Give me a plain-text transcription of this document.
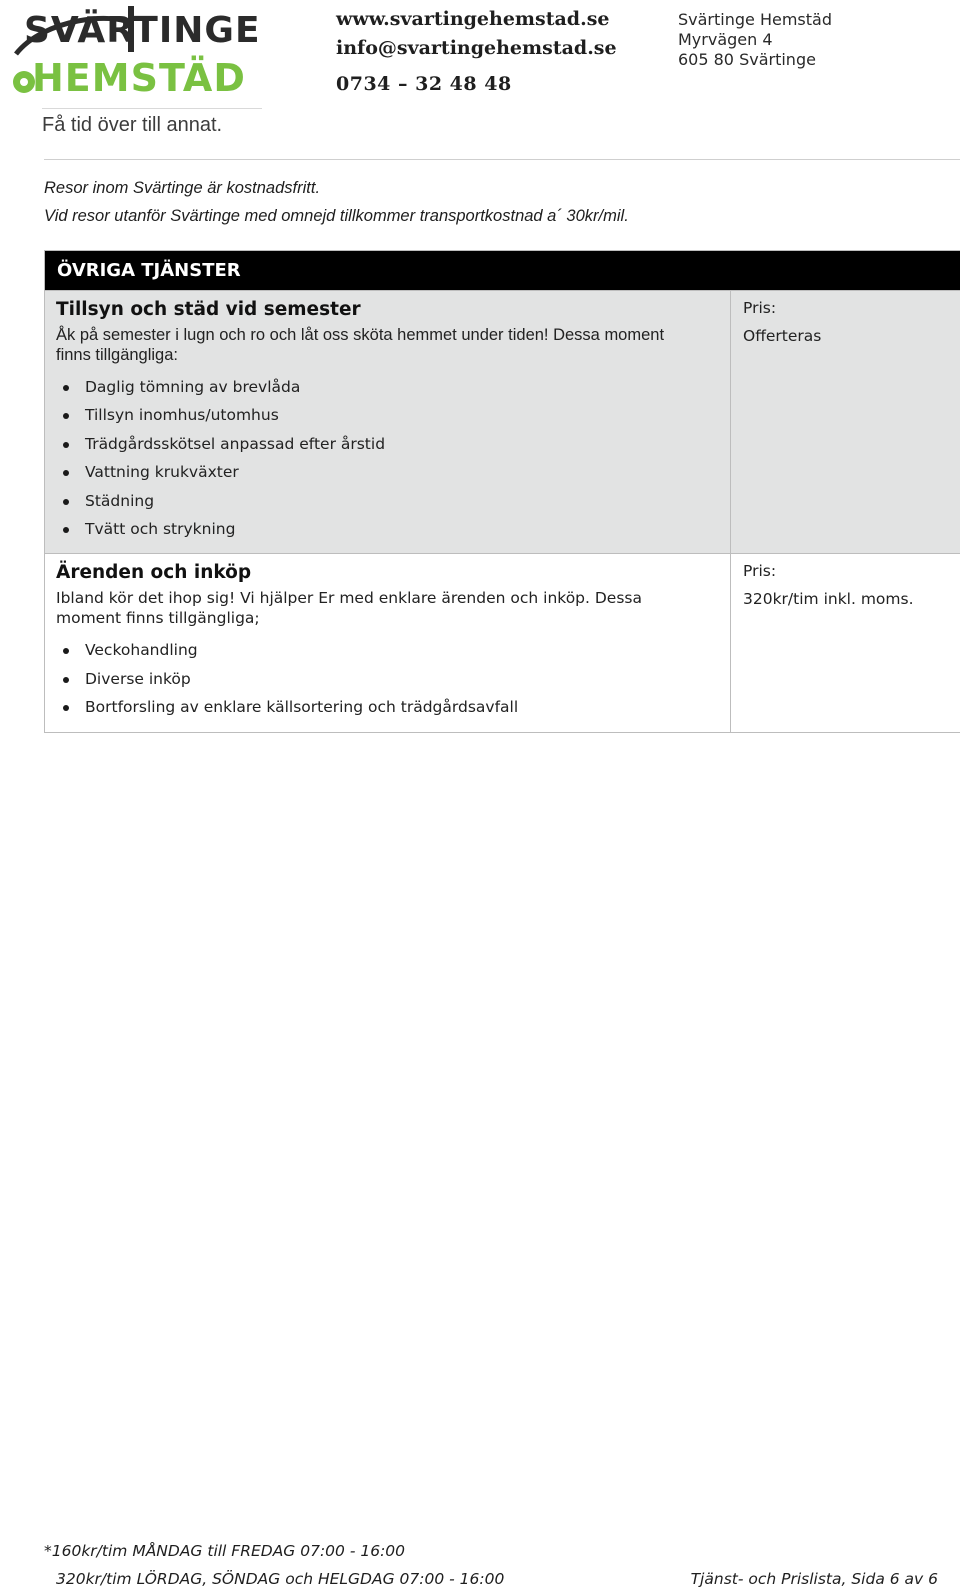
SVÄRTINGE
HEMSTÄD
Få tid över till annat.
www.svartingehemstad.se
info@svartingehemstad.se
0734 – 32 48 48
Svärtinge Hemstäd
Myrvägen 4
605 80 Svärtinge
Resor inom Svärtinge är kostnadsfritt.
Vid resor utanför Svärtinge med omnejd tillkommer transportkostnad a´ 30kr/mil.
ÖVRIGA TJÄNSTER
Tillsyn och städ vid semester
Åk på semester i lugn och ro och låt oss sköta hemmet under tiden! Dessa moment finns tillgängliga:
Daglig tömning av brevlåda
Tillsyn inomhus/utomhus
Trädgårdsskötsel anpassad efter årstid
Vattning krukväxter
Städning
Tvätt och strykning
Pris:
Offerteras
Ärenden och inköp
Ibland kör det ihop sig! Vi hjälper Er med enklare ärenden och inköp. Dessa moment finns tillgängliga;
Veckohandling
Diverse inköp
Bortforsling av enklare källsortering och trädgårdsavfall
Pris:
320kr/tim inkl. moms.
*160kr/tim MÅNDAG till FREDAG 07:00 - 16:00
320kr/tim LÖRDAG, SÖNDAG och HELGDAG 07:00 - 16:00	Tjänst- och Prislista, Sida 6 av 6
